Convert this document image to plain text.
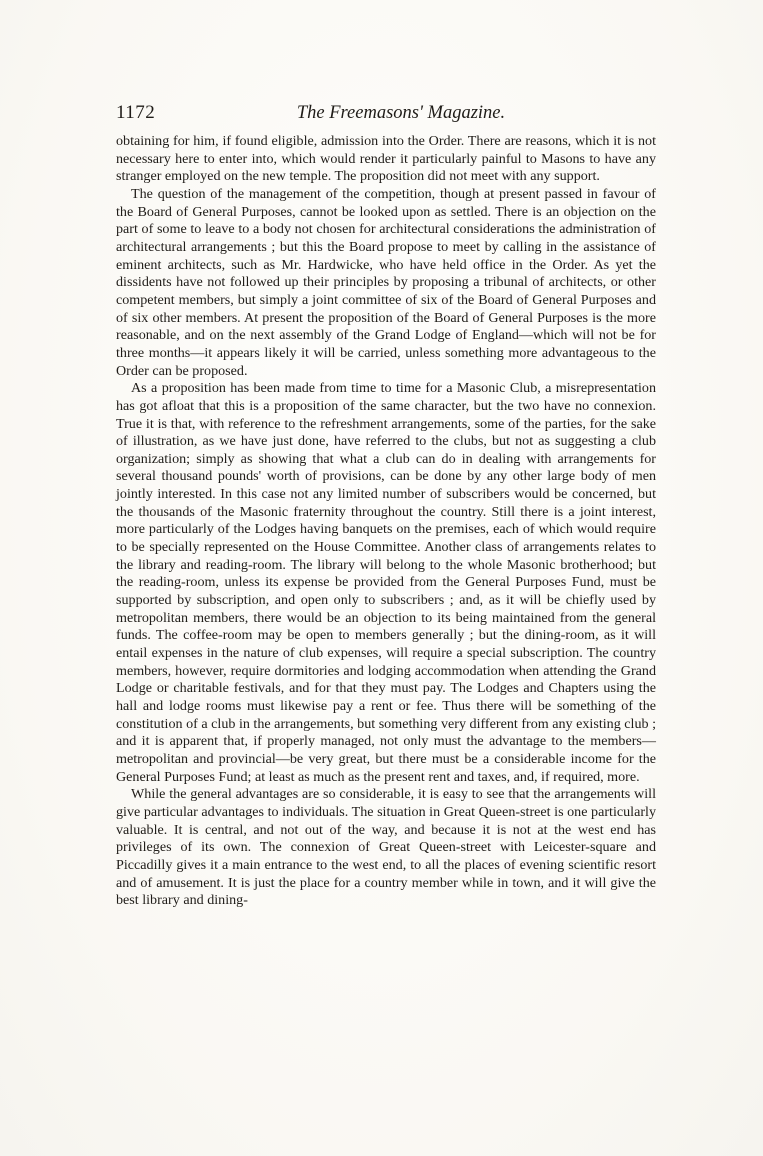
1172	The Freemasons' Magazine.

obtaining for him, if found eligible, admission into the Order. There are reasons, which it is not necessary here to enter into, which would render it particularly painful to Masons to have any stranger employed on the new temple. The proposition did not meet with any support.

The question of the management of the competition, though at present passed in favour of the Board of General Purposes, cannot be looked upon as settled. There is an objection on the part of some to leave to a body not chosen for architectural considerations the administration of architectural arrangements ; but this the Board propose to meet by calling in the assistance of eminent architects, such as Mr. Hardwicke, who have held office in the Order. As yet the dissidents have not followed up their principles by proposing a tribunal of architects, or other competent members, but simply a joint committee of six of the Board of General Purposes and of six other members. At present the proposition of the Board of General Purposes is the more reasonable, and on the next assembly of the Grand Lodge of England—which will not be for three months—it appears likely it will be carried, unless something more advantageous to the Order can be proposed.

As a proposition has been made from time to time for a Masonic Club, a misrepresentation has got afloat that this is a proposition of the same character, but the two have no connexion. True it is that, with reference to the refreshment arrangements, some of the parties, for the sake of illustration, as we have just done, have referred to the clubs, but not as suggesting a club organization; simply as showing that what a club can do in dealing with arrangements for several thousand pounds' worth of provisions, can be done by any other large body of men jointly interested. In this case not any limited number of subscribers would be concerned, but the thousands of the Masonic fraternity throughout the country. Still there is a joint interest, more particularly of the Lodges having banquets on the premises, each of which would require to be specially represented on the House Committee. Another class of arrangements relates to the library and reading-room. The library will belong to the whole Masonic brotherhood; but the reading-room, unless its expense be provided from the General Purposes Fund, must be supported by subscription, and open only to subscribers ; and, as it will be chiefly used by metropolitan members, there would be an objection to its being maintained from the general funds. The coffee-room may be open to members generally ; but the dining-room, as it will entail expenses in the nature of club expenses, will require a special subscription. The country members, however, require dormitories and lodging accommodation when attending the Grand Lodge or charitable festivals, and for that they must pay. The Lodges and Chapters using the hall and lodge rooms must likewise pay a rent or fee. Thus there will be something of the constitution of a club in the arrangements, but something very different from any existing club ; and it is apparent that, if properly managed, not only must the advantage to the members—metropolitan and provincial—be very great, but there must be a considerable income for the General Purposes Fund; at least as much as the present rent and taxes, and, if required, more.

While the general advantages are so considerable, it is easy to see that the arrangements will give particular advantages to individuals. The situation in Great Queen-street is one particularly valuable. It is central, and not out of the way, and because it is not at the west end has privileges of its own. The connexion of Great Queen-street with Leicester-square and Piccadilly gives it a main entrance to the west end, to all the places of evening scientific resort and of amusement. It is just the place for a country member while in town, and it will give the best library and dining-
